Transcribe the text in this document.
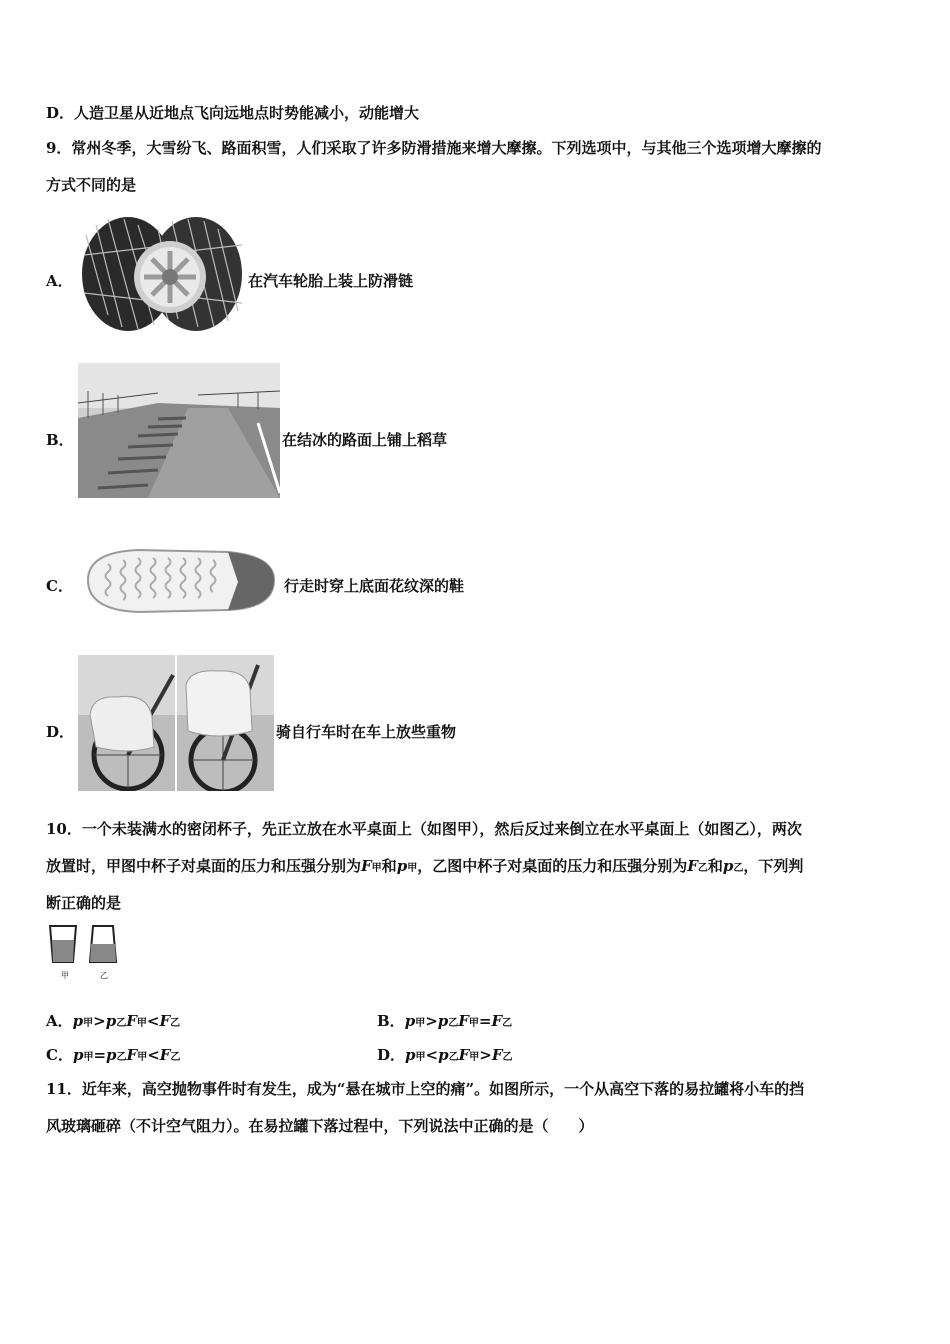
D．人造卫星从近地点飞向远地点时势能减小，动能增大
9．常州冬季，大雪纷飞、路面积雪，人们采取了许多防滑措施来增大摩擦。下列选项中，与其他三个选项增大摩擦的
方式不同的是
A．	在汽车轮胎上装上防滑链
B．	在结冰的路面上铺上稻草
C．	行走时穿上底面花纹深的鞋
D．	骑自行车时在车上放些重物
10．一个未装满水的密闭杯子，先正立放在水平桌面上（如图甲），然后反过来倒立在水平桌面上（如图乙），两次
放置时，甲图中杯子对桌面的压力和压强分别为F甲和p甲，乙图中杯子对桌面的压力和压强分别为F乙和p乙，下列判
断正确的是
甲	乙
A．p甲>p乙F甲<F乙	B．p甲>p乙F甲=F乙
C．p甲=p乙F甲<F乙	D．p甲<p乙F甲>F乙
11．近年来，高空抛物事件时有发生，成为“悬在城市上空的痛”。如图所示，一个从高空下落的易拉罐将小车的挡
风玻璃砸碎（不计空气阻力）。在易拉罐下落过程中，下列说法中正确的是（　　）
